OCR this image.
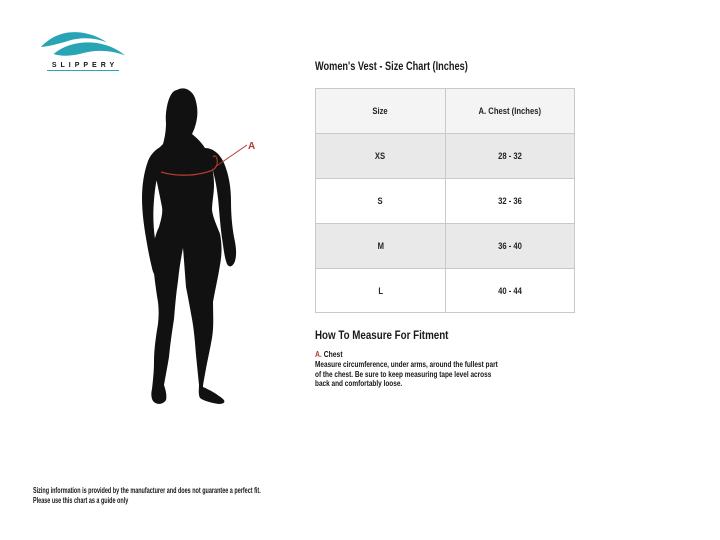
SLIPPERY
A
Women's Vest - Size Chart (Inches)
Size	A. Chest (Inches)
XS	28 - 32
S	32 - 36
M	36 - 40
L	40 - 44
How To Measure For Fitment
A. Chest
Measure circumference, under arms, around the fullest part
of the chest. Be sure to keep measuring tape level across
back and comfortably loose.
Sizing information is provided by the manufacturer and does not guarantee a perfect fit.
Please use this chart as a guide only
